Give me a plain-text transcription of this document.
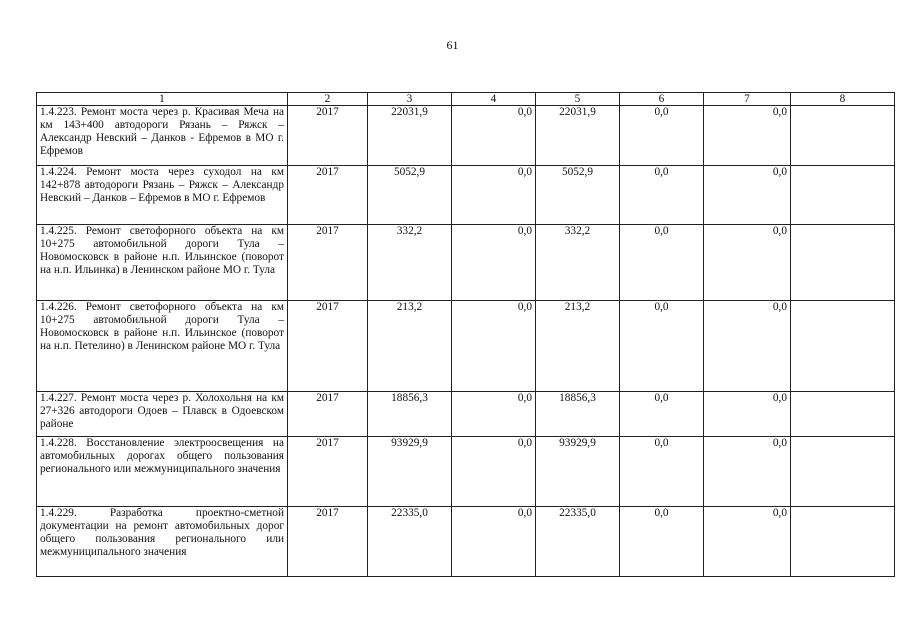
61
1	2	3	4	5	6	7	8
1.4.223. Ремонт моста через р. Красивая Меча на км 143+400 автодороги Рязань – Ряжск – Александр Невский – Данков - Ефремов в МО г. Ефремов	2017	22031,9	0,0	22031,9	0,0	0,0	
1.4.224. Ремонт моста через суходол на км 142+878 автодороги Рязань – Ряжск – Александр Невский – Данков – Ефремов в МО г. Ефремов	2017	5052,9	0,0	5052,9	0,0	0,0	
1.4.225. Ремонт светофорного объекта на км 10+275 автомобильной дороги Тула – Новомосковск в районе н.п. Ильинское (поворот на н.п. Ильинка) в Ленинском районе МО г. Тула	2017	332,2	0,0	332,2	0,0	0,0	
1.4.226. Ремонт светофорного объекта на км 10+275 автомобильной дороги Тула – Новомосковск в районе н.п. Ильинское (поворот на н.п. Петелино) в Ленинском районе МО г. Тула	2017	213,2	0,0	213,2	0,0	0,0	
1.4.227. Ремонт моста через р. Холохольня на км 27+326 автодороги Одоев – Плавск в Одоевском районе	2017	18856,3	0,0	18856,3	0,0	0,0	
1.4.228. Восстановление электроосвещения на автомобильных дорогах общего пользования регионального или межмуниципального значения	2017	93929,9	0,0	93929,9	0,0	0,0	
1.4.229. Разработка проектно-сметной документации на ремонт автомобильных дорог общего пользования регионального или межмуниципального значения	2017	22335,0	0,0	22335,0	0,0	0,0	
